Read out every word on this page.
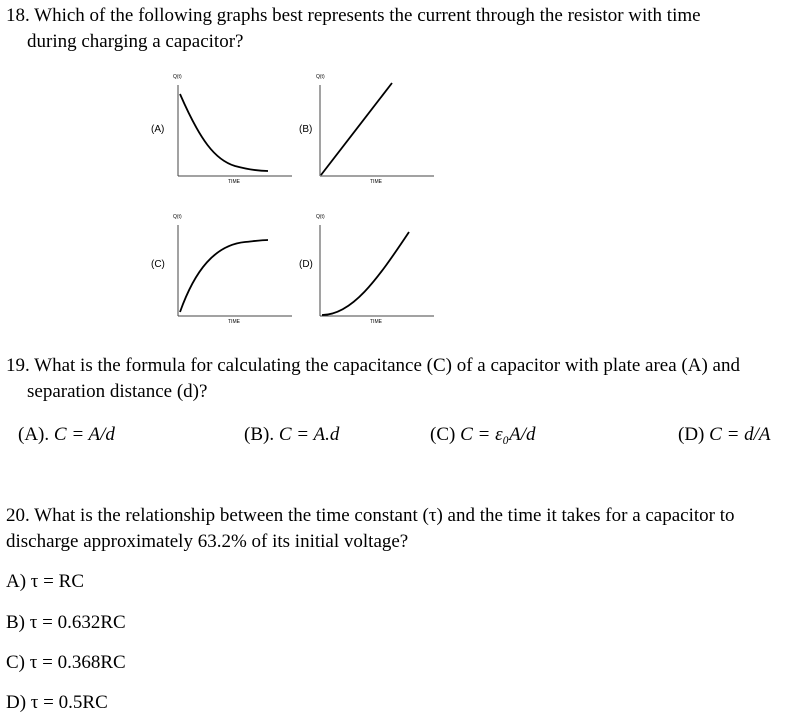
18. Which of the following graphs best represents the current through the resistor with time
during charging a capacitor?
(A)
Q(t)
TIME
(B)
Q(t)
TIME
(C)
Q(t)
TIME
(D)
Q(t)
TIME
19. What is the formula for calculating the capacitance (C) of a capacitor with plate area (A) and
separation distance (d)?
(A). C = A/d	(B). C = A.d	(C) C = ε₀A/d	(D) C = d/A
20. What is the relationship between the time constant (τ) and the time it takes for a capacitor to
discharge approximately 63.2% of its initial voltage?
A) τ = RC
B) τ = 0.632RC
C) τ = 0.368RC
D) τ = 0.5RC
